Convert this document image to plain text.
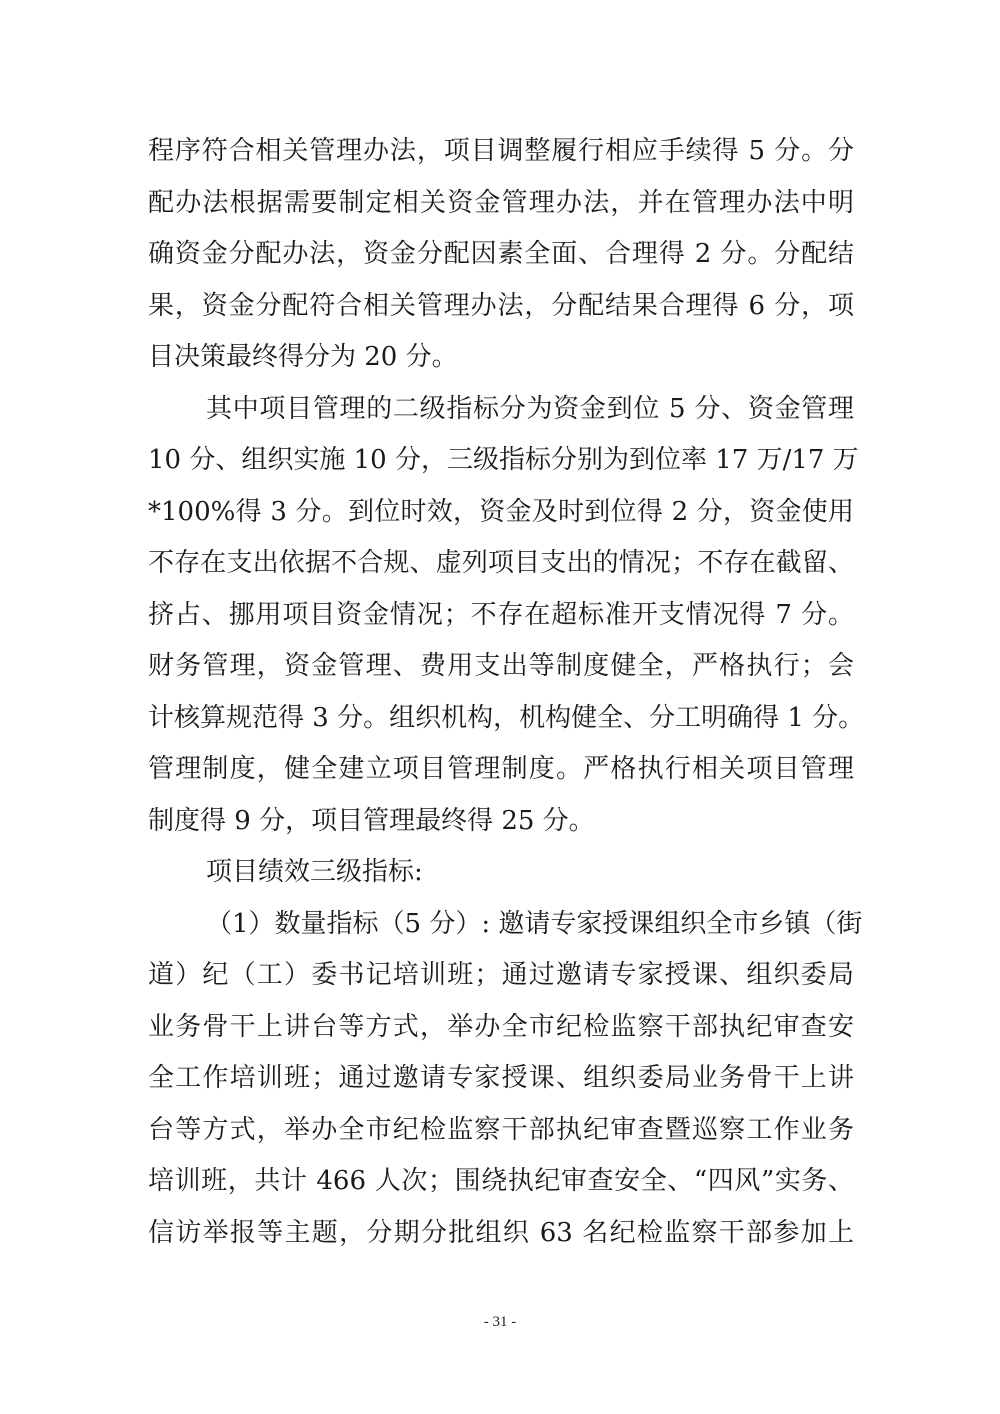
程序符合相关管理办法，项目调整履行相应手续得 5 分。分
配办法根据需要制定相关资金管理办法，并在管理办法中明
确资金分配办法，资金分配因素全面、合理得 2 分。分配结
果，资金分配符合相关管理办法，分配结果合理得 6 分，项
目决策最终得分为 20 分。
其中项目管理的二级指标分为资金到位 5 分、资金管理
10 分、组织实施 10 分，三级指标分别为到位率 17 万/17 万
*100%得 3 分。到位时效，资金及时到位得 2 分，资金使用
不存在支出依据不合规、虚列项目支出的情况；不存在截留、
挤占、挪用项目资金情况；不存在超标准开支情况得 7 分。
财务管理，资金管理、费用支出等制度健全，严格执行；会
计核算规范得 3 分。组织机构，机构健全、分工明确得 1 分。
管理制度，健全建立项目管理制度。严格执行相关项目管理
制度得 9 分，项目管理最终得 25 分。
项目绩效三级指标:
（1）数量指标（5 分）: 邀请专家授课组织全市乡镇（街
道）纪（工）委书记培训班；通过邀请专家授课、组织委局
业务骨干上讲台等方式，举办全市纪检监察干部执纪审查安
全工作培训班；通过邀请专家授课、组织委局业务骨干上讲
台等方式，举办全市纪检监察干部执纪审查暨巡察工作业务
培训班，共计 466 人次；围绕执纪审查安全、“四风”实务、
信访举报等主题，分期分批组织 63 名纪检监察干部参加上
- 31 -
